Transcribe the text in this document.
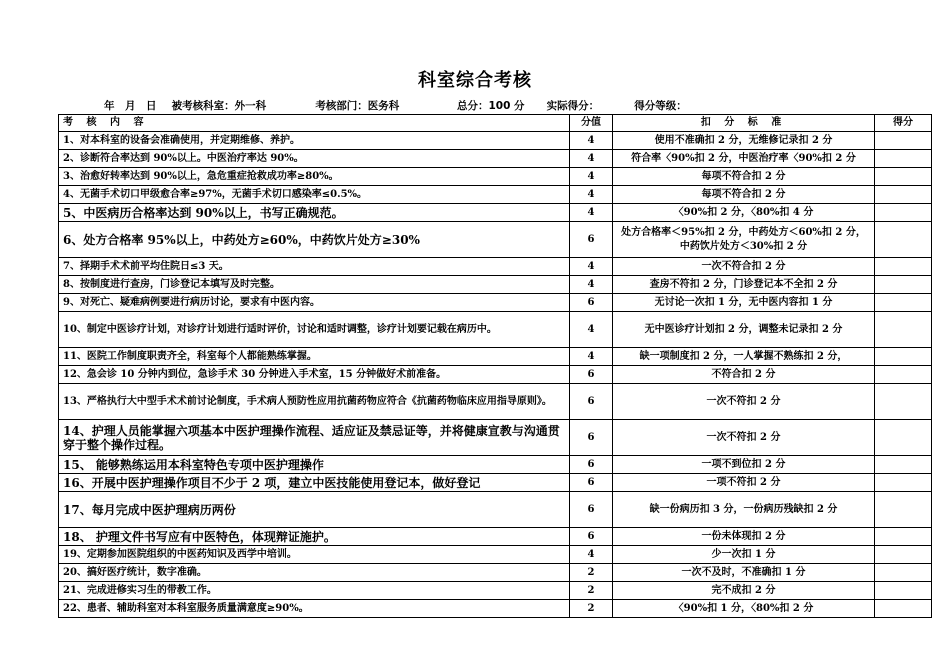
科室综合考核
年　月　日 被考核科室：外一科	考核部门：医务科	总分：100 分 实际得分：	得分等级：
考 核 内 容	分值	扣 分 标 准	得分
1、对本科室的设备会准确使用，并定期维修、养护。	4	使用不准确扣 2 分，无维修记录扣 2 分	
2、诊断符合率达到 90%以上。中医治疗率达 90%。	4	符合率〈90%扣 2 分，中医治疗率〈90%扣 2 分	
3、治愈好转率达到 90%以上，急危重症抢救成功率≥80%。	4	每项不符合扣 2 分	
4、无菌手术切口甲级愈合率≥97%，无菌手术切口感染率≤0.5%。	4	每项不符合扣 2 分	
5、中医病历合格率达到 90%以上，书写正确规范。	4	〈90%扣 2 分，〈80%扣 4 分	
6、处方合格率 95%以上，中药处方≥60%，中药饮片处方≥30%	6	处方合格率＜95%扣 2 分，中药处方＜60%扣 2 分，中药饮片处方＜30%扣 2 分	
7、择期手术术前平均住院日≤3 天。	4	一次不符合扣 2 分	
8、按制度进行查房，门诊登记本填写及时完整。	4	查房不符扣 2 分，门诊登记本不全扣 2 分	
9、对死亡、疑难病例要进行病历讨论，要求有中医内容。	6	无讨论一次扣 1 分，无中医内容扣 1 分	
10、制定中医诊疗计划，对诊疗计划进行适时评价，讨论和适时调整，诊疗计划要记载在病历中。	4	无中医诊疗计划扣 2 分，调整未记录扣 2 分	
11、医院工作制度职责齐全，科室每个人都能熟练掌握。	4	缺一项制度扣 2 分，一人掌握不熟练扣 2 分，	
12、急会诊 10 分钟内到位，急诊手术 30 分钟进入手术室，15 分钟做好术前准备。	6	不符合扣 2 分	
13、严格执行大中型手术术前讨论制度，手术病人预防性应用抗菌药物应符合《抗菌药物临床应用指导原则》。	6	一次不符扣 2 分	
14、护理人员能掌握六项基本中医护理操作流程、适应证及禁忌证等，并将健康宣教与沟通贯穿于整个操作过程。	6	一次不符扣 2 分	
15、 能够熟练运用本科室特色专项中医护理操作	6	一项不到位扣 2 分	
16、开展中医护理操作项目不少于 2 项，建立中医技能使用登记本，做好登记	6	一项不符扣 2 分	
17、每月完成中医护理病历两份	6	缺一份病历扣 3 分，一份病历残缺扣 2 分	
18、 护理文件书写应有中医特色，体现辩证施护。	6	一份未体现扣 2 分	
19、定期参加医院组织的中医药知识及西学中培训。	4	少一次扣 1 分	
20、搞好医疗统计，数字准确。	2	一次不及时，不准确扣 1 分	
21、完成进修实习生的带教工作。	2	完不成扣 2 分	
22、患者、辅助科室对本科室服务质量满意度≥90%。	2	〈90%扣 1 分，〈80%扣 2 分	
